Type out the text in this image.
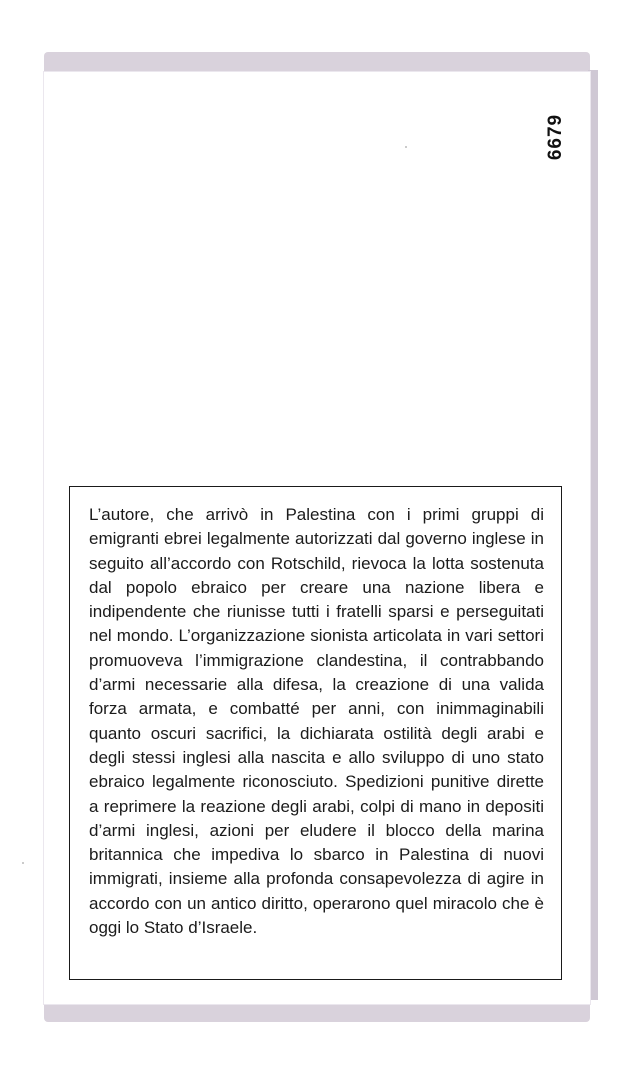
6679

L’autore, che arrivò in Palestina con i primi gruppi di emigranti ebrei legalmente autorizzati dal governo inglese in seguito all’accordo con Rotschild, rievoca la lotta sostenuta dal popolo ebraico per creare una nazione libera e indipendente che riunisse tutti i fratelli sparsi e perseguitati nel mondo. L’organizzazione sionista articolata in vari settori promuoveva l’immigrazione clandestina, il contrabbando d’armi necessarie alla difesa, la creazione di una valida forza armata, e combatté per anni, con inimmaginabili quanto oscuri sacrifici, la dichiarata ostilità degli arabi e degli stessi inglesi alla nascita e allo sviluppo di uno stato ebraico legalmente riconosciuto. Spedizioni punitive dirette a reprimere la reazione degli arabi, colpi di mano in depositi d’armi inglesi, azioni per eludere il blocco della marina britannica che impediva lo sbarco in Palestina di nuovi immigrati, insieme alla profonda consapevolezza di agire in accordo con un antico diritto, operarono quel miracolo che è oggi lo Stato d’Israele.
